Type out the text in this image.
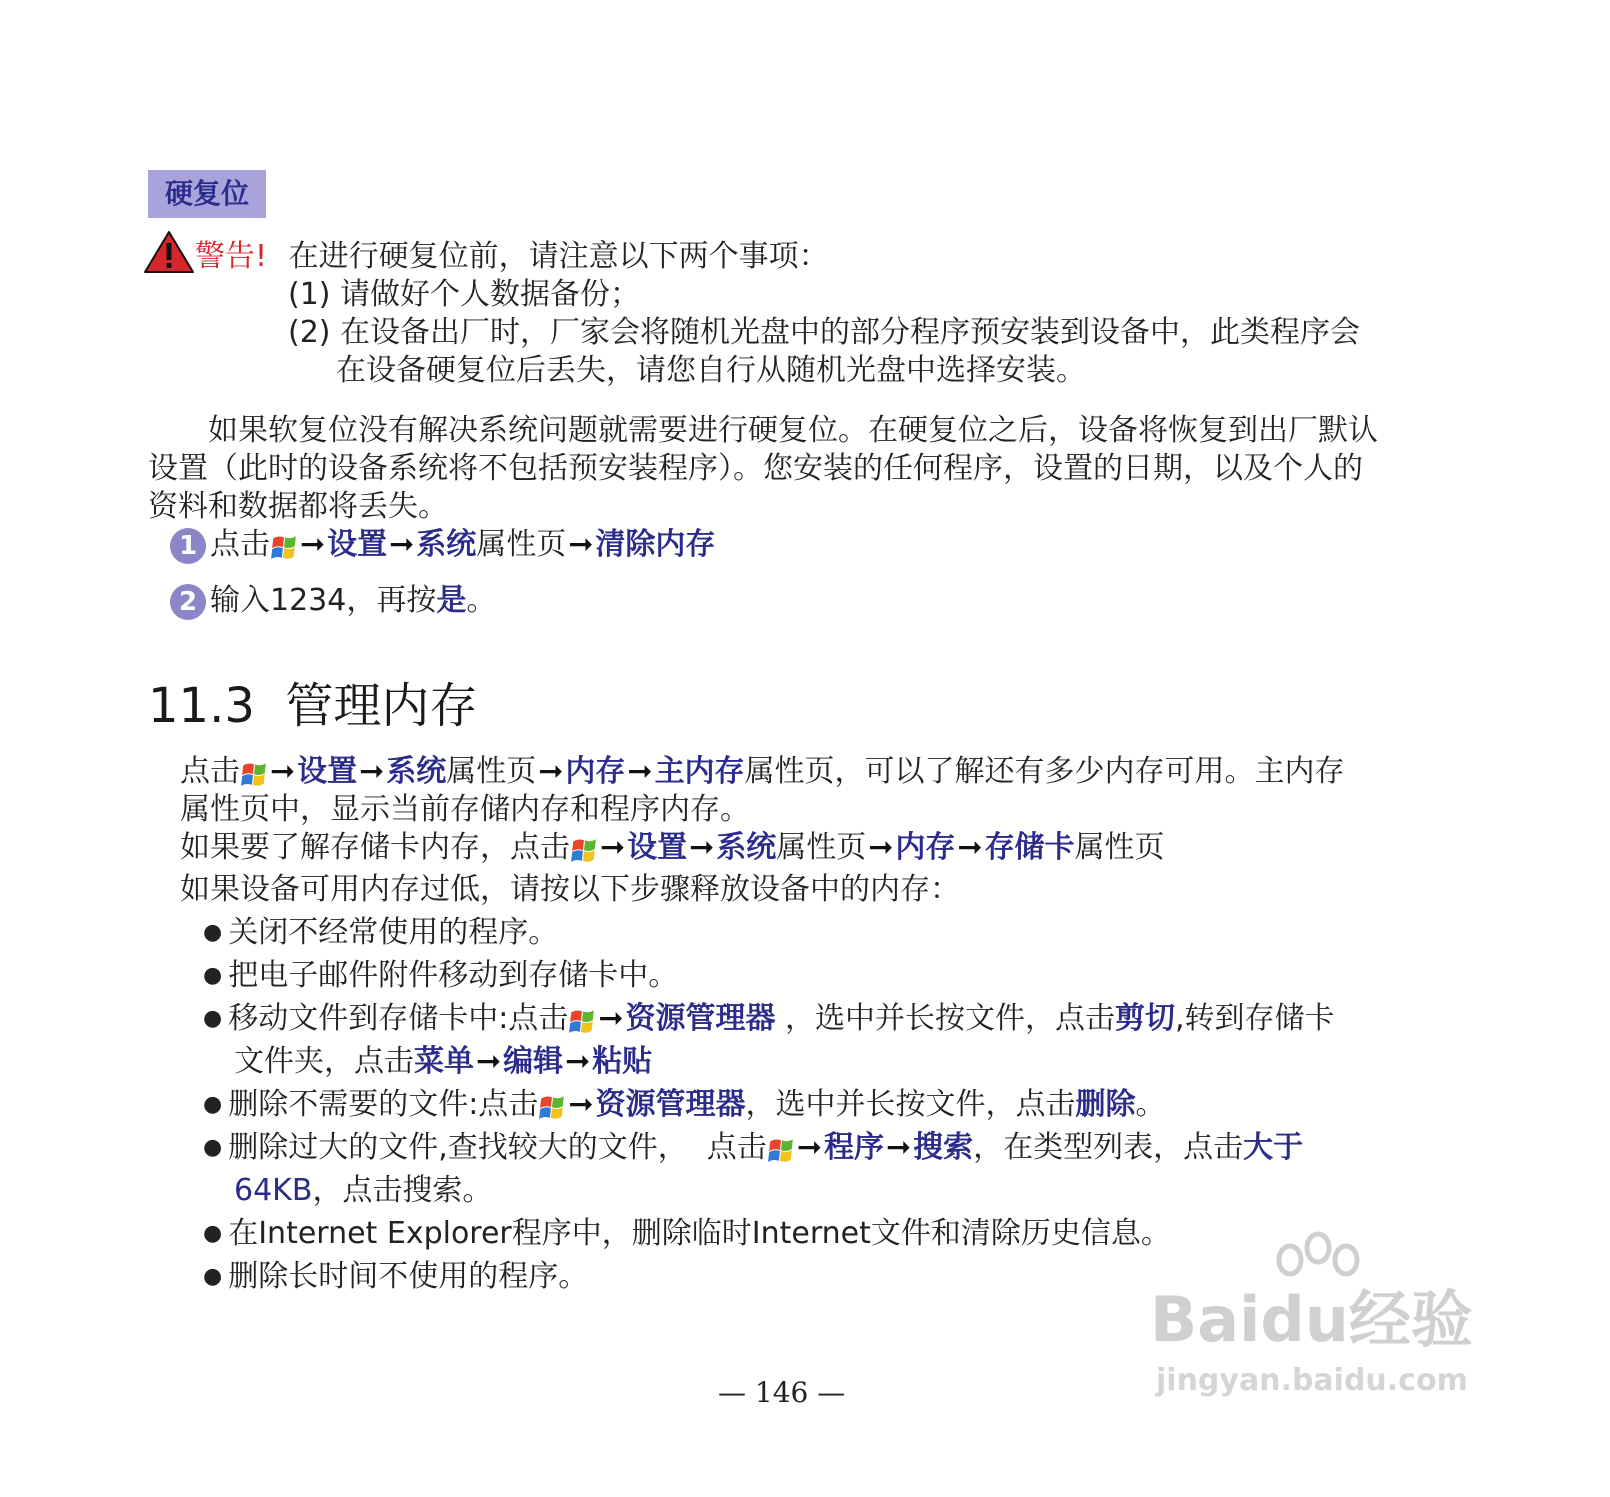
硬复位
警告! 在进行硬复位前，请注意以下两个事项：
(1) 请做好个人数据备份；
(2) 在设备出厂时，厂家会将随机光盘中的部分程序预安装到设备中，此类程序会
在设备硬复位后丢失，请您自行从随机光盘中选择安装。
如果软复位没有解决系统问题就需要进行硬复位。在硬复位之后，设备将恢复到出厂默认
设置（此时的设备系统将不包括预安装程序）。您安装的任何程序，设置的日期，以及个人的
资料和数据都将丢失。
1 点击 ➞设置➞系统属性页➞清除内存
2 输入1234，再按是。
11.3  管理内存
点击 ➞设置➞系统属性页➞内存➞主内存属性页，可以了解还有多少内存可用。主内存
属性页中，显示当前存储内存和程序内存。
如果要了解存储卡内存，点击 ➞设置➞系统属性页➞内存➞存储卡属性页
如果设备可用内存过低，请按以下步骤释放设备中的内存：
● 关闭不经常使用的程序。
● 把电子邮件附件移动到存储卡中。
● 移动文件到存储卡中:点击 ➞资源管理器 ，选中并长按文件，点击剪切,转到存储卡
文件夹，点击菜单➞编辑➞粘贴
● 删除不需要的文件:点击 ➞资源管理器，选中并长按文件，点击删除。
● 删除过大的文件,查找较大的文件，  点击 ➞程序➞搜索，在类型列表，点击大于
64KB，点击搜索。
● 在Internet Explorer程序中，删除临时Internet文件和清除历史信息。
● 删除长时间不使用的程序。
Baidu经验
jingyan.baidu.com
— 146 —
